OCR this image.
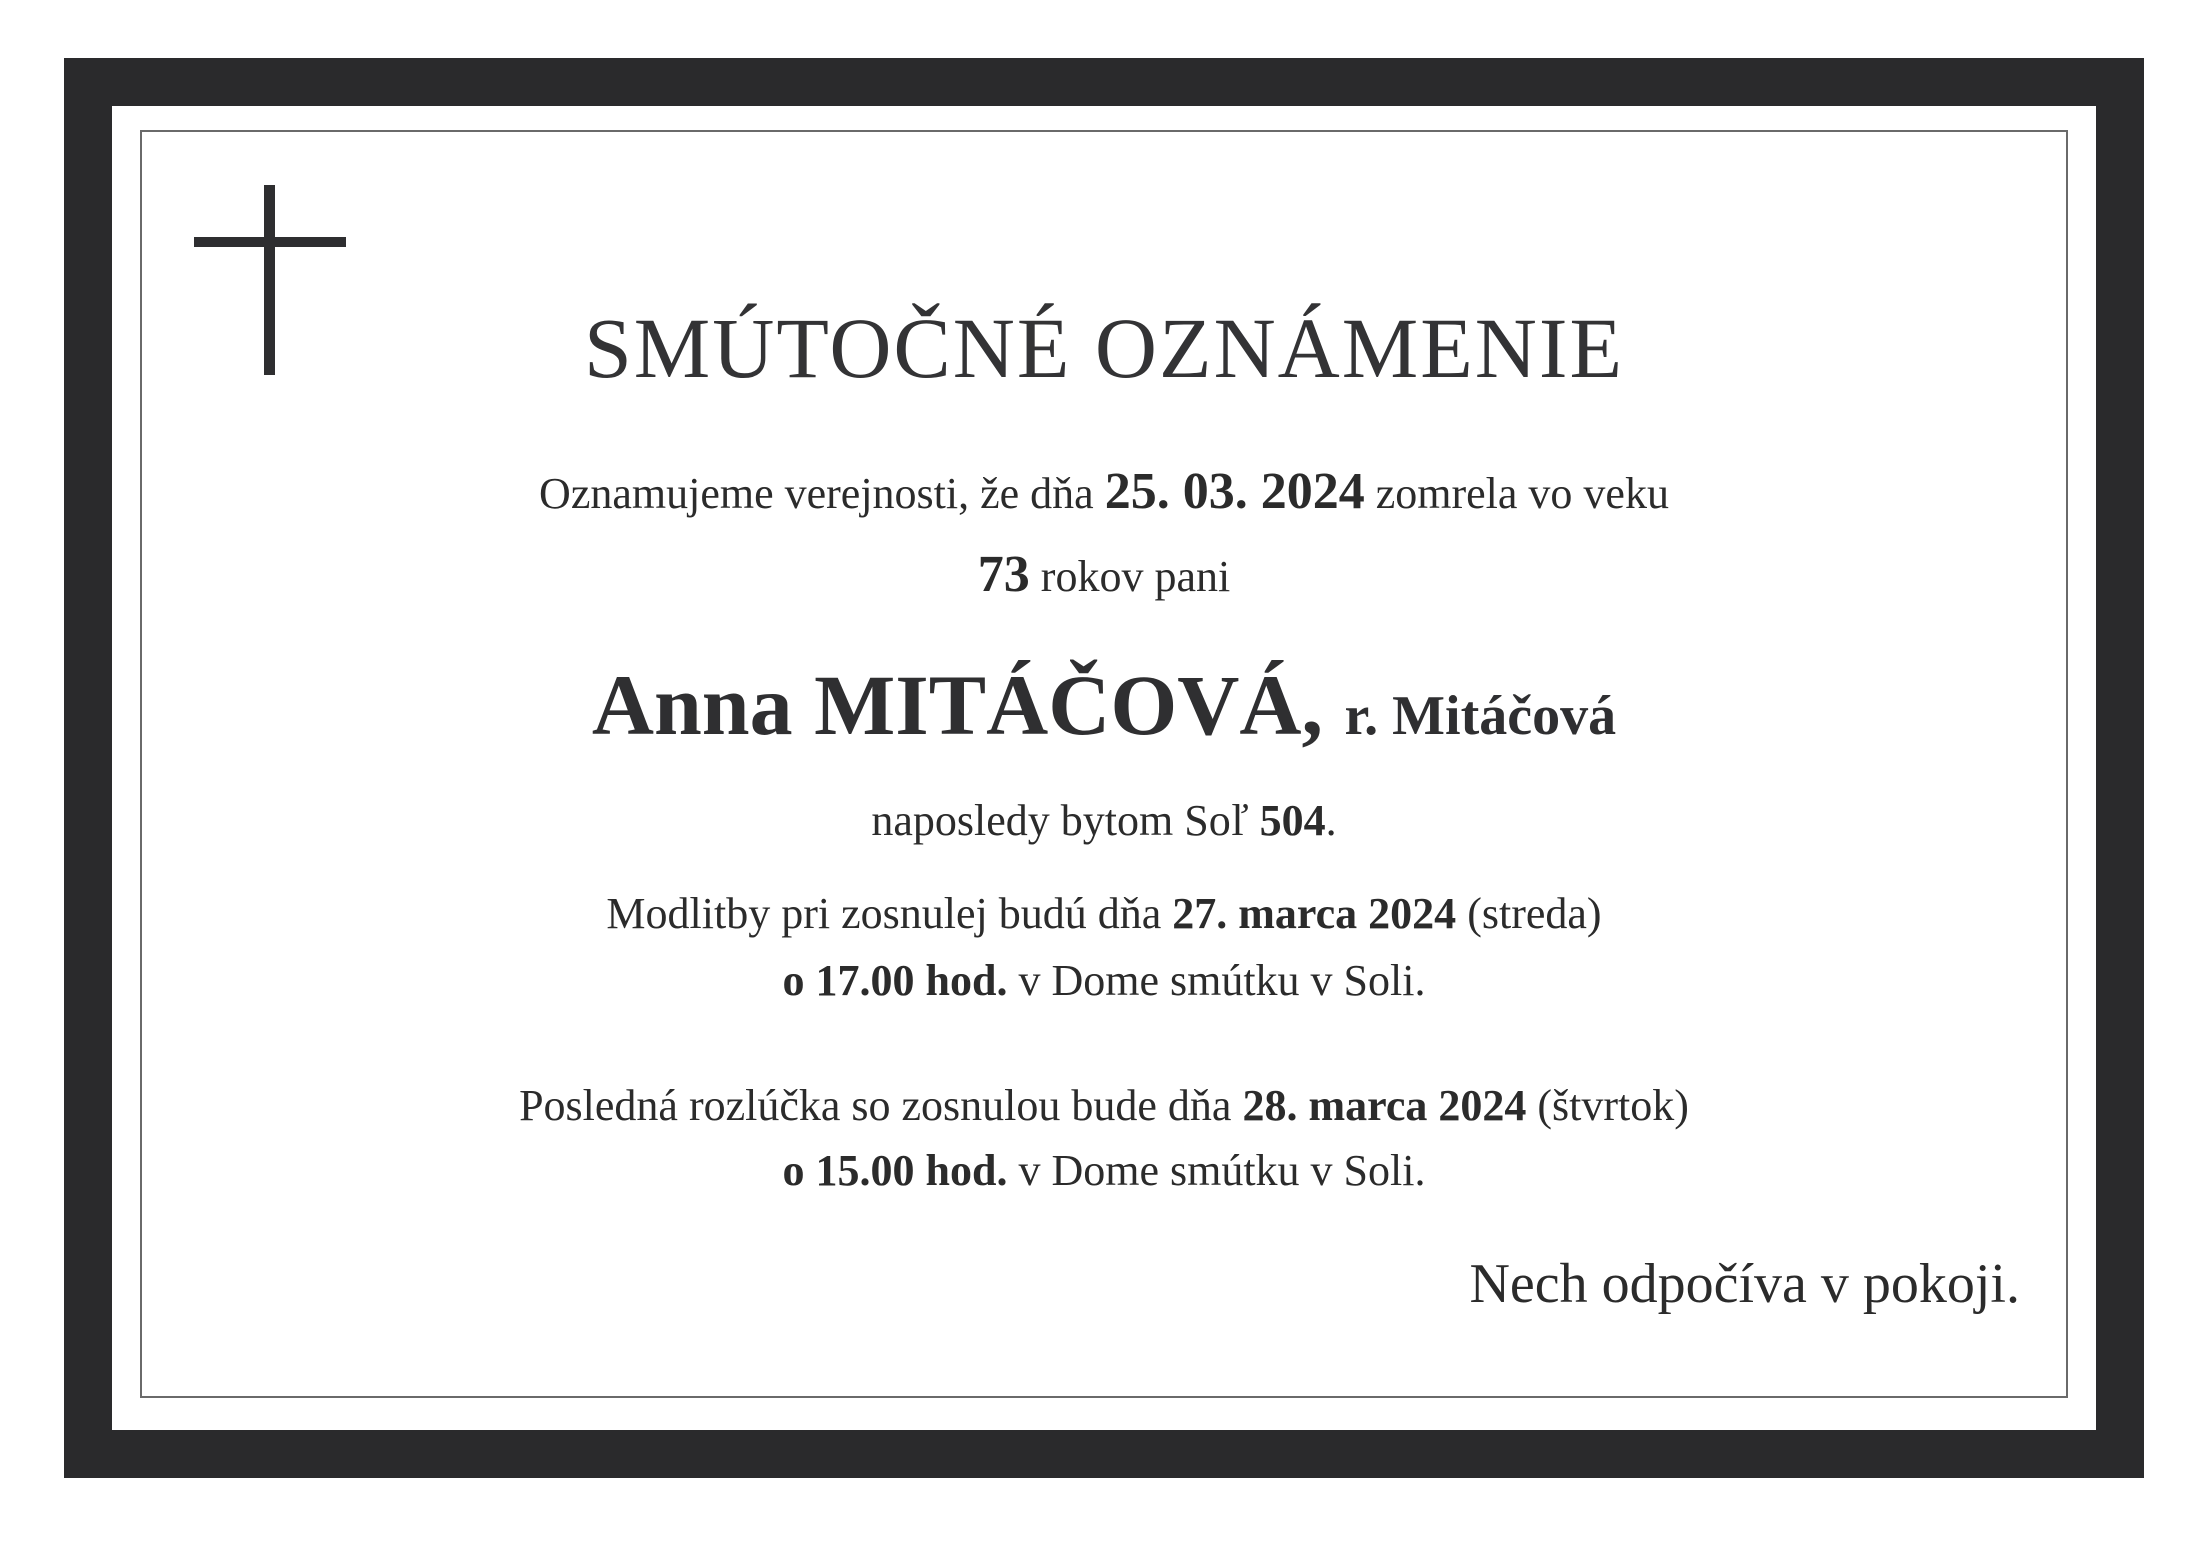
SMÚTOČNÉ OZNÁMENIE
Oznamujeme verejnosti, že dňa 25. 03. 2024 zomrela vo veku
73 rokov pani
Anna MITÁČOVÁ, r. Mitáčová
naposledy bytom Soľ 504.
Modlitby pri zosnulej budú dňa 27. marca 2024 (streda)
o 17.00 hod. v Dome smútku v Soli.
Posledná rozlúčka so zosnulou bude dňa 28. marca 2024 (štvrtok)
o 15.00 hod. v Dome smútku v Soli.
Nech odpočíva v pokoji.
